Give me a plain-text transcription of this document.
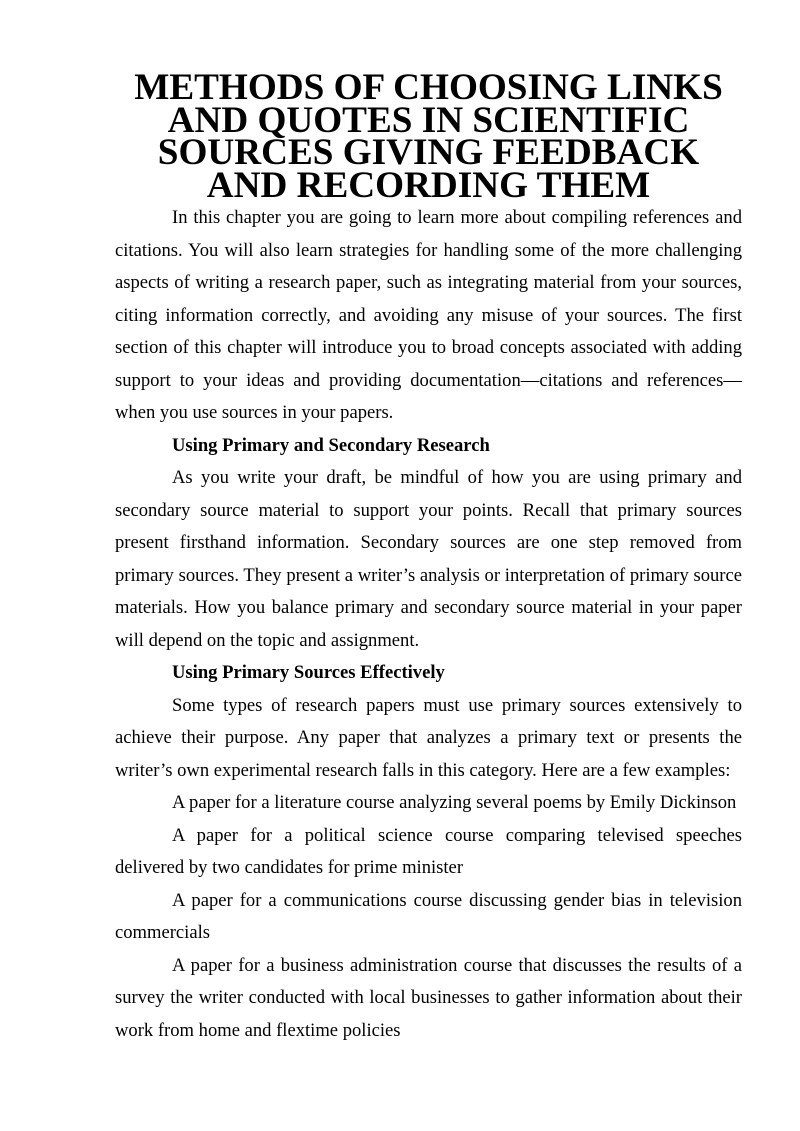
METHODS OF CHOOSING LINKS AND QUOTES IN SCIENTIFIC
SOURCES GIVING FEEDBACK AND RECORDING THEM

In this chapter you are going to learn more about compiling references and citations. You will also learn strategies for handling some of the more challenging aspects of writing a research paper, such as integrating material from your sources, citing information correctly, and avoiding any misuse of your sources. The first section of this chapter will introduce you to broad concepts associated with adding support to your ideas and providing documentation—citations and references—when you use sources in your papers.

Using Primary and Secondary Research

As you write your draft, be mindful of how you are using primary and secondary source material to support your points. Recall that primary sources present firsthand information. Secondary sources are one step removed from primary sources. They present a writer’s analysis or interpretation of primary source materials. How you balance primary and secondary source material in your paper will depend on the topic and assignment.

Using Primary Sources Effectively

Some types of research papers must use primary sources extensively to achieve their purpose. Any paper that analyzes a primary text or presents the writer’s own experimental research falls in this category. Here are a few examples:

A paper for a literature course analyzing several poems by Emily Dickinson

A paper for a political science course comparing televised speeches delivered by two candidates for prime minister

A paper for a communications course discussing gender bias in television commercials

A paper for a business administration course that discusses the results of a survey the writer conducted with local businesses to gather information about their work from home and flextime policies
